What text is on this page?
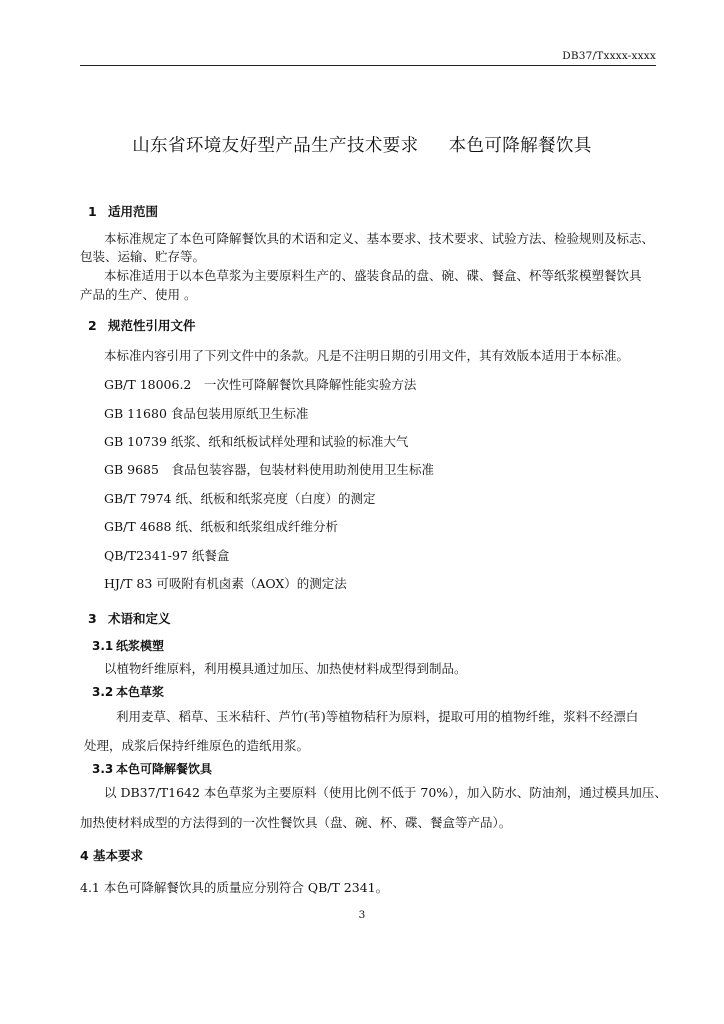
DB37/Txxxx-xxxx
山东省环境友好型产品生产技术要求 本色可降解餐饮具
1 适用范围
本标准规定了本色可降解餐饮具的术语和定义、基本要求、技术要求、试验方法、检验规则及标志、
包装、运输、贮存等。
本标准适用于以本色草浆为主要原料生产的、盛装食品的盘、碗、碟、餐盒、杯等纸浆模塑餐饮具
产品的生产、使用 。
2 规范性引用文件
本标准内容引用了下列文件中的条款。凡是不注明日期的引用文件，其有效版本适用于本标准。
GB/T 18006.2　一次性可降解餐饮具降解性能实验方法
GB 11680 食品包装用原纸卫生标准
GB 10739 纸浆、纸和纸板试样处理和试验的标准大气
GB 9685　食品包装容器，包装材料使用助剂使用卫生标准
GB/T 7974 纸、纸板和纸浆亮度（白度）的测定
GB/T 4688 纸、纸板和纸浆组成纤维分析
QB/T2341-97 纸餐盒
HJ/T 83 可吸附有机卤素（AOX）的测定法
3 术语和定义
3.1 纸浆模塑
以植物纤维原料，利用模具通过加压、加热使材料成型得到制品。
3.2 本色草浆
利用麦草、稻草、玉米秸秆、芦竹(苇)等植物秸秆为原料，提取可用的植物纤维，浆料不经漂白
处理，成浆后保持纤维原色的造纸用浆。
3.3 本色可降解餐饮具
以 DB37/T1642 本色草浆为主要原料（使用比例不低于 70%），加入防水、防油剂，通过模具加压、
加热使材料成型的方法得到的一次性餐饮具（盘、碗、杯、碟、餐盒等产品）。
4 基本要求
4.1 本色可降解餐饮具的质量应分别符合 QB/T 2341。
3
